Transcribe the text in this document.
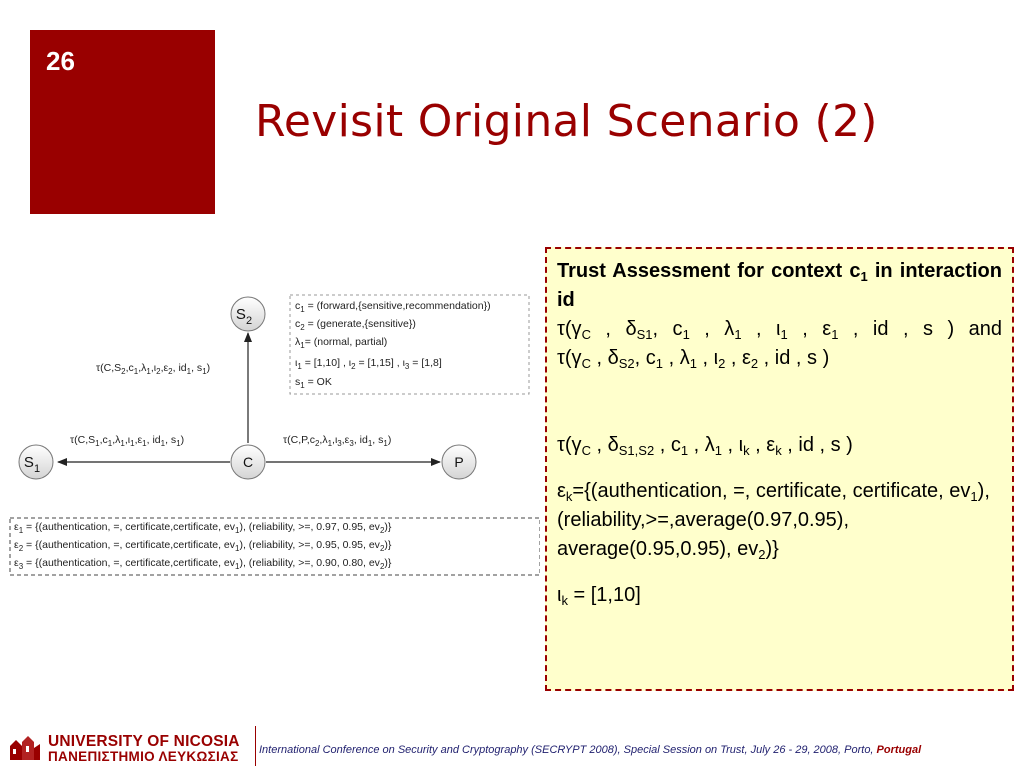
26
Revisit Original Scenario (2)
$\tau(C,S_2,c_1,\lambda_1,\iota_2,\varepsilon_2$, $id_1$, $s_1$)
$\tau(C,S_1,c_1,\lambda_1,\iota_1,\varepsilon_1$, $id_1$, $s_1$)	$\tau(C,P,c_2,\lambda_1,\iota_3,\varepsilon_3$, $id_1$, $s_1$)
$S_2$
$S_1$	C	P
$c_1$ = (forward,{sensitive,recommendation})
$c_2$ = (generate,{sensitive})
$\lambda_1=$ (normal, partial)
$\iota_1 = [1,10]$ , $\iota_2 = [1,15]$ , $\iota_3 = [1,8]$
$s_1$ = OK
$\varepsilon_1$ = {(authentication, =, certificate,certificate, $ev_1$), (reliability, >=, 0.97, 0.95, $ev_2$)}
$\varepsilon_2$ = {(authentication, =, certificate,certificate, $ev_1$), (reliability, >=, 0.95, 0.95, $ev_2$)}
$\varepsilon_3$ = {(authentication, =, certificate,certificate, $ev_1$), (reliability, >=, 0.90, 0.80, $ev_2$)}

Trust Assessment for context $c_1$ in interaction id

$\tau(\gamma_C$ , $\delta_{S1}$, $c_1$ , $\lambda_1$ , $\iota_1$ , $\varepsilon_1$ , id , s ) and

$\tau(\gamma_C$ , $\delta_{S2}$, $c_1$ , $\lambda_1$ , $\iota_2$ , $\varepsilon_2$ , id , s )

$\tau(\gamma_C$ , $\delta_{S1,S2}$ , $c_1$ , $\lambda_1$ , $\iota_k$ , $\varepsilon_k$ , id , s )

$\varepsilon_k=\{(authentication$, =, certificate, certificate, $ev_1$), (reliability,>=,average(0.97,0.95), average(0.95,0.95), $ev_2$)}

$\iota_k = [1,10]$

UNIVERSITY OF NICOSIA
ΠΑΝΕΠΙΣΤΗΜΙΟ ΛΕΥΚΩΣΙΑΣ International Conference on Security and Cryptography (SECRYPT 2008), Special Session on Trust, July 26 - 29, 2008, Porto, Portugal
